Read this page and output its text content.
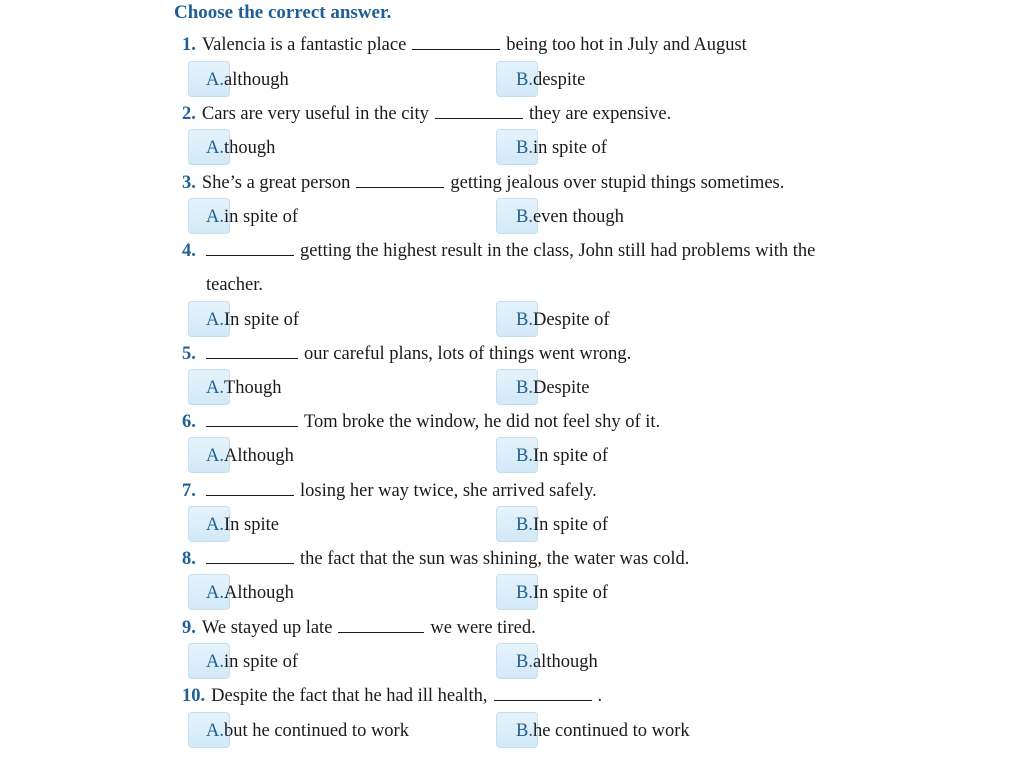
Choose the correct answer.
1. Valencia is a fantastic place	being too hot in July and August
A.although	B.despite
2. Cars are very useful in the city	they are expensive.
A.though	B.in spite of
3. She’s a great person	getting jealous over stupid things sometimes.
A.in spite of	B.even though
4.	getting the highest result in the class, John still had problems with the
teacher.
A.In spite of	B.Despite of
5.	our careful plans, lots of things went wrong.
A.Though	B.Despite
6.	Tom broke the window, he did not feel shy of it.
A.Although	B.In spite of
7.	losing her way twice, she arrived safely.
A.In spite	B.In spite of
8.	the fact that the sun was shining, the water was cold.
A.Although	B.In spite of
9. We stayed up late	we were tired.
A.in spite of	B.although
10. Despite the fact that he had ill health,	.
A.but he continued to work	B.he continued to work
